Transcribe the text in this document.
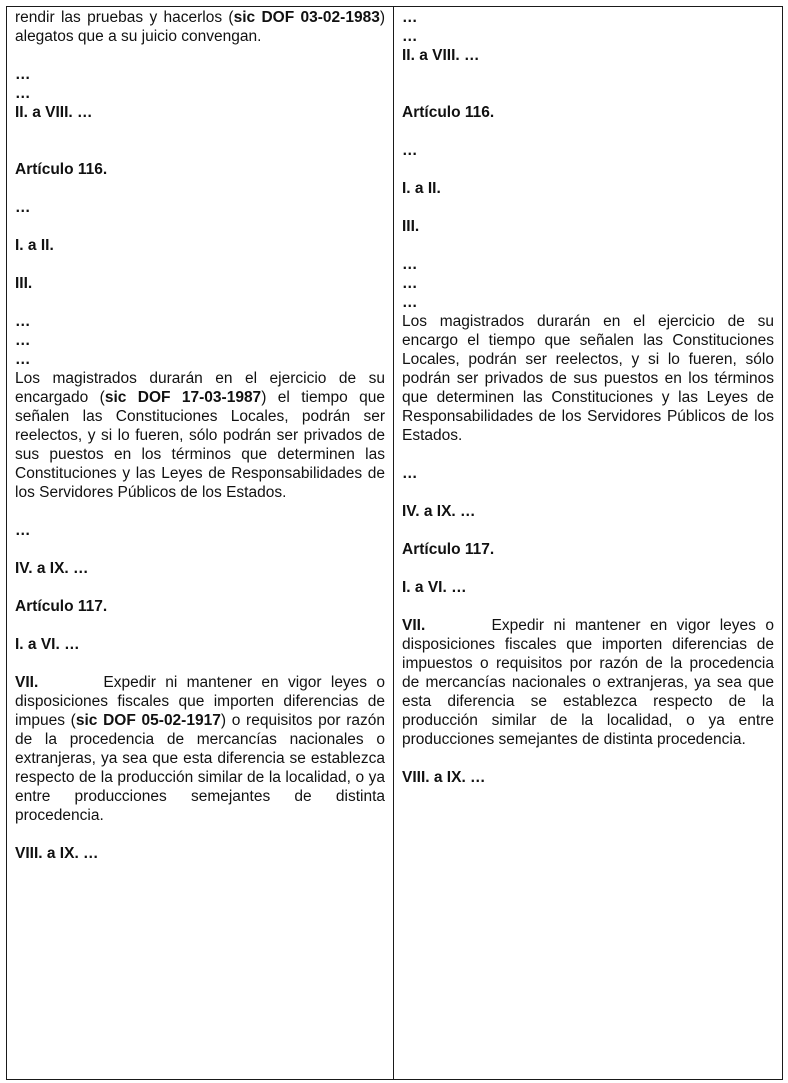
rendir las pruebas y hacerlos (sic DOF 03-02-1983) alegatos que a su juicio convengan.

…

…

II. a VIII. …

Artículo 116.

…

I. a II.

III.

…

…

…

Los magistrados durarán en el ejercicio de su encargado (sic DOF 17-03-1987) el tiempo que señalen las Constituciones Locales, podrán ser reelectos, y si lo fueren, sólo podrán ser privados de sus puestos en los términos que determinen las Constituciones y las Leyes de Responsabilidades de los Servidores Públicos de los Estados.

…

IV. a IX. …

Artículo 117.

I. a VI. …

VII.	Expedir ni mantener en vigor leyes o disposiciones fiscales que importen diferencias de impues (sic DOF 05-02-1917) o requisitos por razón de la procedencia de mercancías nacionales o extranjeras, ya sea que esta diferencia se establezca respecto de la producción similar de la localidad, o ya entre producciones semejantes de distinta procedencia.

VIII. a IX. …

…

…

II. a VIII. …

Artículo 116.

…

I. a II.

III.

…

…

…

Los magistrados durarán en el ejercicio de su encargo el tiempo que señalen las Constituciones Locales, podrán ser reelectos, y si lo fueren, sólo podrán ser privados de sus puestos en los términos que determinen las Constituciones y las Leyes de Responsabilidades de los Servidores Públicos de los Estados.

…

IV. a IX. …

Artículo 117.

I. a VI. …

VII.	Expedir ni mantener en vigor leyes o disposiciones fiscales que importen diferencias de impuestos o requisitos por razón de la procedencia de mercancías nacionales o extranjeras, ya sea que esta diferencia se establezca respecto de la producción similar de la localidad, o ya entre producciones semejantes de distinta procedencia.

VIII. a IX. …
